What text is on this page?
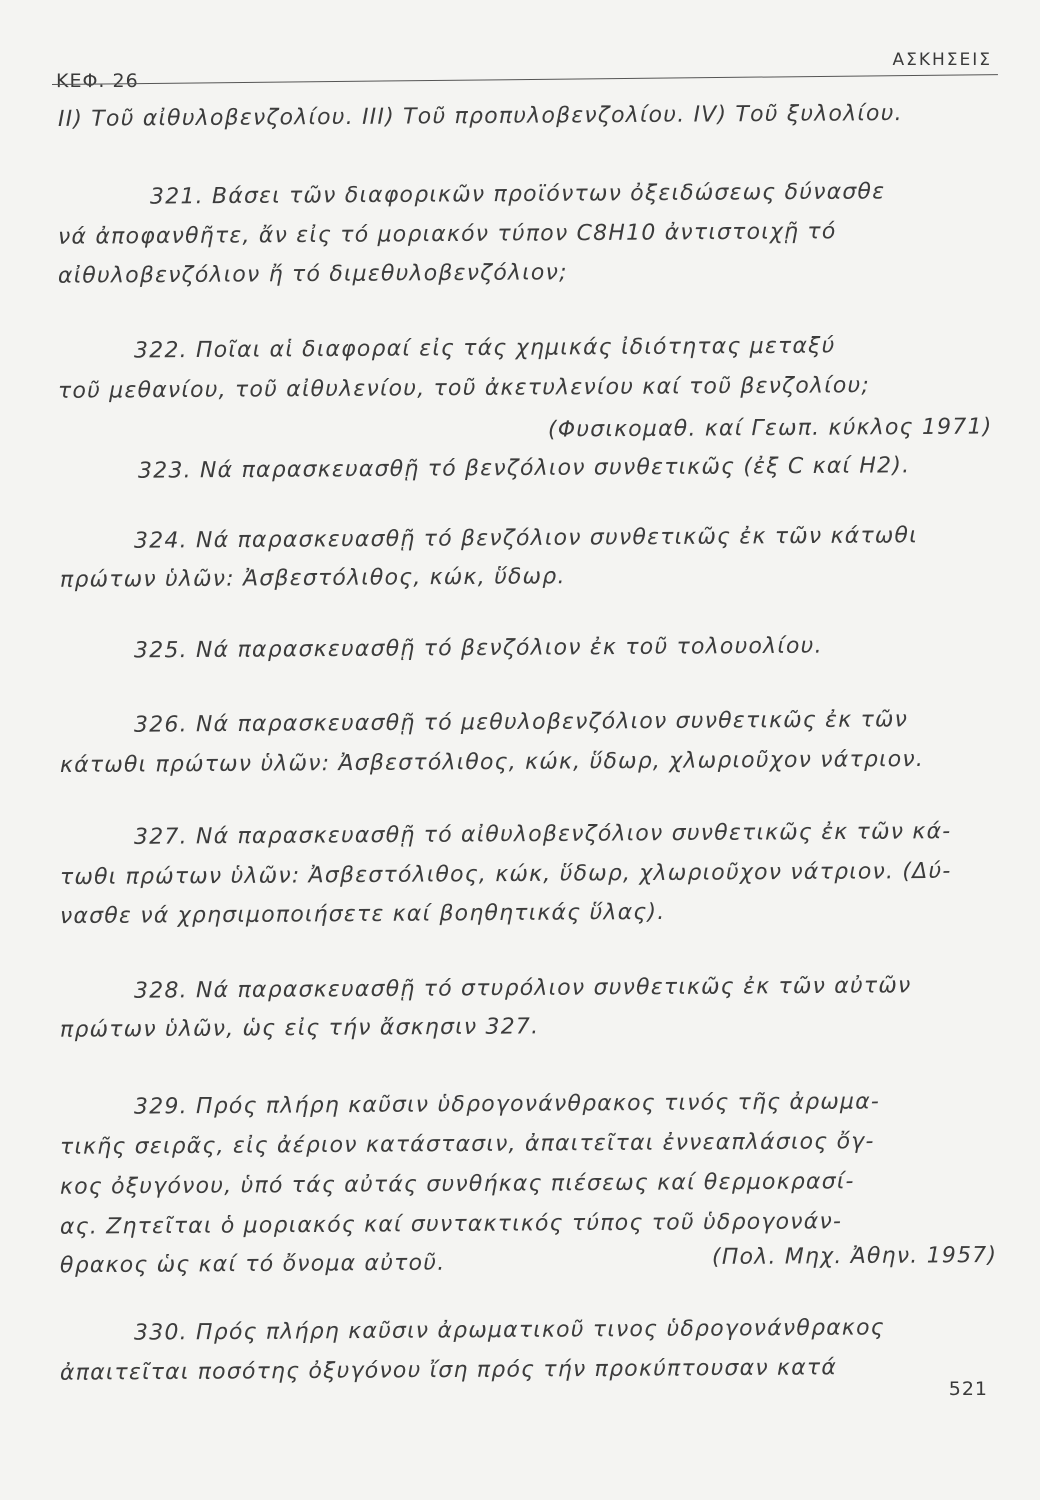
ΚΕΦ. 26
ΑΣΚΗΣΕΙΣ
II) Τοῦ αἰθυλοβενζολίου. III) Τοῦ προπυλοβενζολίου. IV) Τοῦ ξυλολίου.
321. Βάσει τῶν διαφορικῶν προϊόντων ὀξειδώσεως δύνασθε
νά ἀποφανθῆτε, ἄν εἰς τό μοριακόν τύπον C8H10 ἀντιστοιχῇ τό
αἰθυλοβενζόλιον ἤ τό διμεθυλοβενζόλιον;
322. Ποῖαι αἱ διαφοραί εἰς τάς χημικάς ἰδιότητας μεταξύ
τοῦ μεθανίου, τοῦ αἰθυλενίου, τοῦ ἀκετυλενίου καί τοῦ βενζολίου;
(Φυσικομαθ. καί Γεωπ. κύκλος 1971)
323. Νά παρασκευασθῇ τό βενζόλιον συνθετικῶς (ἐξ C καί H2).
324. Νά παρασκευασθῇ τό βενζόλιον συνθετικῶς ἐκ τῶν κάτωθι
πρώτων ὑλῶν: Ἀσβεστόλιθος, κώκ, ὕδωρ.
325. Νά παρασκευασθῇ τό βενζόλιον ἐκ τοῦ τολουολίου.
326. Νά παρασκευασθῇ τό μεθυλοβενζόλιον συνθετικῶς ἐκ τῶν
κάτωθι πρώτων ὑλῶν: Ἀσβεστόλιθος, κώκ, ὕδωρ, χλωριοῦχον νάτριον.
327. Νά παρασκευασθῇ τό αἰθυλοβενζόλιον συνθετικῶς ἐκ τῶν κά-
τωθι πρώτων ὑλῶν: Ἀσβεστόλιθος, κώκ, ὕδωρ, χλωριοῦχον νάτριον. (Δύ-
νασθε νά χρησιμοποιήσετε καί βοηθητικάς ὕλας).
328. Νά παρασκευασθῇ τό στυρόλιον συνθετικῶς ἐκ τῶν αὐτῶν
πρώτων ὑλῶν, ὡς εἰς τήν ἄσκησιν 327.
329. Πρός πλήρη καῦσιν ὑδρογονάνθρακος τινός τῆς ἀρωμα-
τικῆς σειρᾶς, εἰς ἀέριον κατάστασιν, ἀπαιτεῖται ἐννεαπλάσιος ὄγ-
κος ὀξυγόνου, ὑπό τάς αὐτάς συνθήκας πιέσεως καί θερμοκρασί-
ας. Ζητεῖται ὁ μοριακός καί συντακτικός τύπος τοῦ ὑδρογονάν-
θρακος ὡς καί τό ὄνομα αὐτοῦ.	(Πολ. Μηχ. Ἀθην. 1957)
330. Πρός πλήρη καῦσιν ἀρωματικοῦ τινος ὑδρογονάνθρακος
ἀπαιτεῖται ποσότης ὀξυγόνου ἴση πρός τήν προκύπτουσαν κατά
521
